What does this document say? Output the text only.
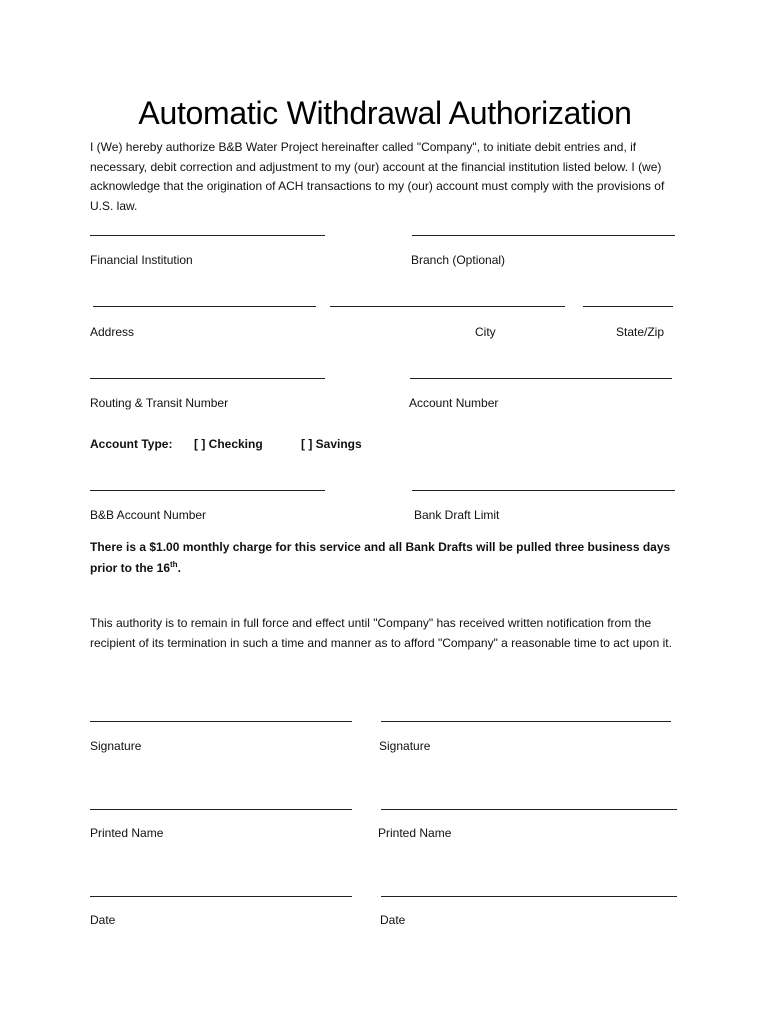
Automatic Withdrawal Authorization
I (We) hereby authorize B&B Water Project hereinafter called "Company", to initiate debit entries and, if necessary, debit correction and adjustment to my (our) account at the financial institution listed below. I (we) acknowledge that the origination of ACH transactions to my (our) account must comply with the provisions of U.S. law.
Financial Institution	Branch (Optional)
Address	City	State/Zip
Routing & Transit Number	Account Number
Account Type: [ ] Checking	[ ] Savings
B&B Account Number	Bank Draft Limit
There is a $1.00 monthly charge for this service and all Bank Drafts will be pulled three business days prior to the 16th.
This authority is to remain in full force and effect until "Company" has received written notification from the recipient of its termination in such a time and manner as to afford "Company" a reasonable time to act upon it.
Signature	Signature
Printed Name	Printed Name
Date	Date
